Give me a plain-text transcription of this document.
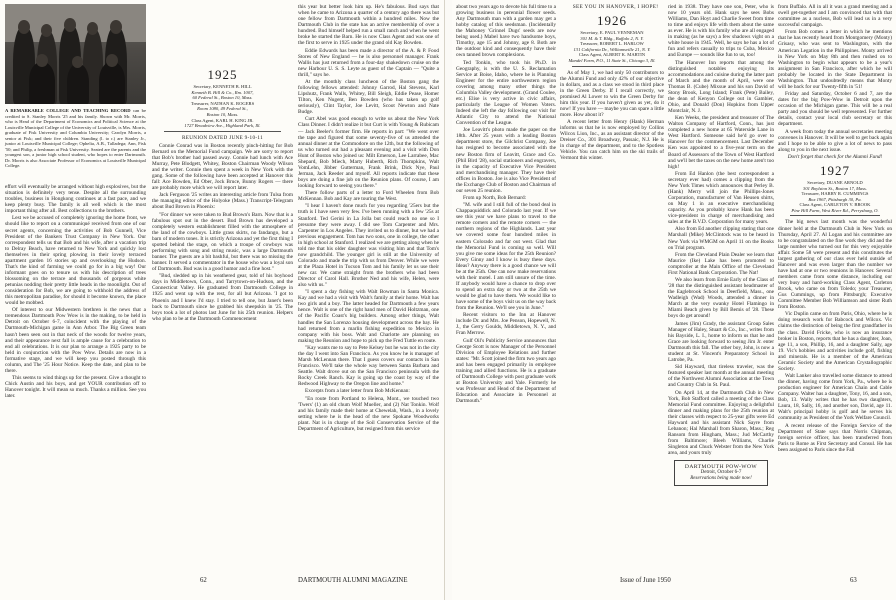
A REMARKABLE COLLEGE AND TEACHING RECORD can be credited to S. Stanley Morris '25 and his family. Shown with Mr. Morris, who is Head of the Department of Economics and Political Science at the Louisville Municipal College of the University of Louisville, is Mrs. Morris, graduate of Fisk University and Columbia University; Carolyn Morris, a senior at Fisk; and their five children. Standing (l. to r.) are Stanley Jr., junior at Louisville Municipal College; Ophelia, A.B., Talladega; Ann, Fisk '50; and Philip, a freshman at Fisk University. Seated are the parents and the youngest son, a junior high school student, who hopes to enter Dartmouth. Dr. Morris is also Associate Professor of Economics at Louisville Municipal College.

effort will eventually be arranged without high explosives, but the situation is definitely very tense. Despite all the surrounding troubles, business in Hongkong continues at a fast pace, and we keep plenty busy. The family is all well which is the most important thing after all. Best collections to the brothers.

Lest we be accused of completely ignoring the home front, we should like to report on a communiqué received from one of our secret agents, concerning the activities of Bob Gunnell, Vice President of the Bankers Trust Company in New York. Our correspondent tells us that Bob and his wife, after a vacation trip to Delray Beach, have returned to New York and quickly lost themselves in their spring plowing in their lovely terraced apartment garden 16 stories up and overlooking the Hudson. That's the kind of farming we could go for in a big way! Our informant goes on to tenure us with his description of trees blossoming on the terrace and thousands of gorgeous white petunias nodding their pretty little heads in the moonlight. Out of consideration for Bob, we are going to withhold the address of this metropolitan paradise, for should it become known, the place would be mobbed.

Of interest to our Midwestern brethren is the news that a tremendous Dartmouth Pow Wow is in the making, to be held in Detroit on October 6-7, coincident with the playing of the Dartmouth-Michigan game in Ann Arbor. The Big Green team hasn't been seen out in that neck of the woods for twelve years, and their appearance next fall is ample cause for a celebration to end all celebrations. It is our plan to arrange a 1925 party to be held in conjunction with the Pow Wow. Details are now in a formative stage, and we will keep you posted through this column, and The '25 Hour Notice. Keep the date, and plan to be there.

This seems to wind things up for the present. Give a thought to Chick Austin and his boys, and get YOUR contribution off to Hanover tonight. It will mean so much. Thanks a million. See you later.

1925
Secretary, KENNETH B. HILL
Kenneth B. Hill & Co., Rm. 1007,
60 Federal St., Boston 10, Mass.
Treasurer, NATHAN K. ROGERS
Room 1080, 49 Federal St.,
Boston 10, Mass.
Class Agent, KARL H. KING JR.
1727 Broadview Ave., Highland Park, Ill.
REUNION DATED JUNE 9-10-11

Connie Conrad was in Boston recently pinch-hitting for Bob Bernard on the Memorial Fund campaign. We are sorry to report that Bob's brother had passed away. Connie had lunch with Ace Murray, Pete Blodgett, Whitey, Boston Chairman Woody Wilson and the writer. Connie then spent a week in New York with the gang. Some of the following have been accepted at Hanover this fall: Ace Bowden, Ed Ober, Jock Bruce, Bunny Rogers — there are probably more which we will report later.

Jack Ferguson '25 writes an interesting article from Tulsa from the managing editor of the Holyoke (Mass.) Transcript-Telegram about Bud Brown in Phoenix:

"For dinner we were taken to Bud Brown's Barn. Now that is a fabulous spot out in the desert. Bud Brown has developed a completely western establishment filled with the atmosphere of the land of the cowboys. Little grass skirts, no fandango, but a barn of modern tones. It is strictly Arizona and yet the first thing I spotted behind the stage, on which a troupe of cowboys was performing with song and string music, was a large Dartmouth banner. The guests are a bit bashful, but there was no missing the banner. It served a commentator in the house who was a loyal son of Dartmouth. Bud was in a good humor and a fine host."

"Bud, sledded up in his weathered gear, told of his boyhood days in Middletown, Conn., and Tarrytown-on-Hudson, and the Connecticut Valley. He graduated from Dartmouth College in 1925 and went up with the rest, for all but Arizona. 'I got to Phoenix and I knew I'd stay. I tried to tell one, but Janet's been back to Dartmouth since he grabbed his sheepskin in '25. The boys took a lot of photos last June for his 25th reunion. Helpers who plan to be at the Dartmouth Commencement

this year but better look him up. He's fabulous. Bud says that when he came to Arizona a quarter of a century ago there was but one fellow from Dartmouth within a hundred miles. Now the Dartmouth Club in the state has an active membership of over a hundred. Bud himself helped run a small ranch and when he went broke he started the Barn. He is now Class Agent and was one of the first to serve in 1925 under the grand old Kay Bowden.

Eddie Edwards has been made a director of the A. & P. Food Stores of New England — he is also personnel manager. Frank Wallis has just returned from a four-day shakedown cruise on the new Harbour U. S. S. Leyte as guest of the Captain — "Quite a thrill," says he.

At the monthly class luncheon of the Boston gang the following fellows attended: Johnny Garrod, Hal Stevens, Karl Lipshutz, Frank Walls, Whitey, Bill Sleigh, Eddie Pease, Homer Tilton, Ken Nugent, Ben Bowden (who has taken up golf seriously), Clint Taylor, Joe Levitt, Scoot Newton and Nate Budge.

Curt Abel was good enough to write us about the New York Class Dinner. I didn't realize it but Curt is with Young & Rubicam — Jack Beeler's former firm. He reports in part: "We went over the tape and figured that some seventy-five of us attended the annual dinner at the Commodore on the 12th, but the following of us who turned out had a pleasant evening and a visit with Don Hunt of Boston who joined us: Milt Emerson, Lee Larrabee, Mac Shepard, Bob Miech, Marty Huberth, Rich Thompkins, Walt VomLehn, Jibber Gutterman, Frank Brink, Dick Nye, Paul Jerman, Jack Reeder and myself. All reports indicate that these boys are doing a fine job on the Reunion plans. Of course, I am looking forward to seeing you there."

There follow parts of a letter to Ford Wheelen from Bob McKennan. Bob and Kay are touring the West.

"I hear I haven't done much for you regarding '25ers but the truth is I have seen very few. I've been running with a few '25s at Stanford. Ted Gerini in La Jolla but could reach no one so I presume they were away. I did see Tom Carpenter and Mrs. Carpenter in Los Angeles. They invited us to dinner, but we had a previous engagement. Tom has two sons, one in college, the other in high school at Stanford. I realized we are getting along when he told me that his older daughter was visiting him and that Tom's now grandchild. The younger girl is still at the University of Colorado and made the trip with us from Denver. While we were at the Plaza Hotel in Tucson Tom and his family let us use their new car. We came straight from the brothers who had been Director of Carol Hall. Brother Ned and his wife, Helen, were also with us."

"I spent a day fishing with Walt Bowman in Santa Monica. Kay and we had a visit with Walt's family at their home. Walt has two girls and a boy. The latter headed for Dartmouth a few years hence. Walt is one of the right hand men of David Holtzman, one of the Pacific Coast's big builders. Among other things, Walt handles the San Lorenzo housing development across the bay. He had returned from a marlin fishing expedition to Mexico in company with his boss. Walt and Charlotte are planning on making the Reunion and hope to pick up the Fred Tuttle en route.

"Kay wants me to say to Pete Kelsey but he was not in the city the day I went into San Francisco. As you know he is manager of Marsh McLennan there. That I guess covers our contacts in San Francisco. We'll take the whole way between Santa Barbara and Seattle. Walt drove out on the San Francisco peninsula with the Rocky Creek Ranch. Kay is going up the coast by way of the Redwood Highway to the Oregon line and home."

Excerpts from a later letter from Bob McKennan:

"En route from Portland to Helena, Mont., we touched two 'Twers' (1) an old chum Wolf Mueller, and (2) Nat Tonkin. Wolf and his family made their home at Chewelah, Wash., in a lovely setting where he is the head of the new Spokane Woodworks plant. Nat is in charge of the Soil Conservation Service of the Department of Agriculture, but resigned from this service

62	DARTMOUTH ALUMNI MAGAZINE

about two years ago to devote his full time to a growing business in perennial flower seeds. Any Dartmouth man with a garden may get a hobby catalog of this seedsman. (Incidentally the Mahoney 'Grinnel Dugs' seeds are now being used.) Mabel have two handsome boys, Timothy, age 15 and Johnny, age 8. Both are the outdoor kind and consequently have their own tanned brown complexions.

Ted Tonkin, who took his Ph.D. in Geography, is with the U. S. Reclamation Service at Boise, Idaho, where he is Planning Engineer for the entire northwestern region covering among many other things the Columbia Valley development. (Grand Coulee, etc.) Elise is very active in civic affairs, particularly the League of Women Voters. Indeed she left the day following our visit for Atlantic City to attend the National Convention of the League.

Joe Leavitt's photo made the paper on the 18th. After 25 years with a leading Boston department store, the Gilchrist Company, Joe has resigned to become associated with the new Boston firm of Leavitt, Grace and Co. (Phil Bird '28), social stationers and engravers, in the capacity of Executive Vice President and merchandising manager. They have their offices in Boston. Joe is also Vice President of the Exchange Club of Boston and Chairman of our seven 25 reunion.

From up North, Bob Bernard:

"M. wife and I still full of the bond deal in Chappaquiddick and Colorado last year. If we see this year we have plans to travel to the remote corners and the remote corners — the northern regions of the Highlands. Last year we covered some four hundred miles in eastern Colorado and far out west. Glad that the Memorial Fund is coming so well. Will you give me some ideas for the 25th Reunion? Every Ginny and I know is busy these days. Ideas? Anyway there is a good chance we will be at the 25th. One can now make reservations with their motel. I am still unsure of the time. If anybody would have a chance to drop over to spend an extra day or two at the 25th we would be glad to have them. We would like to have some of the boys visit us on the way back from the Reunion. We'll see you in June."

Recent visitors to the Inn at Hanover include Dr. and Mrs. Joe Penson, Hopewell, N. J., the Gerry Goulds, Middletown, N. Y., and Fran Merrow.

Gulf Oil's Publicity Service announces that George Scott is now Manager of the Personnel Division of Employee Relations and further states: "Mr. Scott joined the firm two years ago and has been engaged primarily in employee training and allied functions. He is a graduate of Dartmouth College with post graduate work at Boston University and Yale. Formerly he was Professor and Head of the Department of Education and Associate in Personnel at Dartmouth."

SEE YOU IN HANOVER, I HOPE!

1926
Secretary, E. PAUL VENNEMAN
301 M. & T. Bldg., Buffalo 2, N. Y.
Treasurer, ROBERT L. HARLOW
131 California Dr., Williamsville 21, N. Y.
Class Agent, ALBERT K. MARTIN
Mandel Farm, P.O., 11 State St., Chicago 3, Ill.

As of May 1, we had only 50 contributors to the Alumni Fund and only 42% of our objective in dollars, and as a class we stood in third place in the Green Derby. If I recall correctly, we promised Al Lower to win the Green Derby for him this year. If you haven't given as yet, do it now! If you have — maybe you can spare a little more. How about it?

A recent letter from Henry (Hank) Herman informs us that he is now employed by Collins Wilcox Lion, Inc., as an assistant director of the Dreiser Co., 301 Broadway, Passaic, N.J. He is in charge of the department, and to the Spotless Vehicle. You can catch him on the ski trails of Vermont this winter.

ried in 1938. They have one son, Peter, who is now 10 years old. Hank says he sees Bobs Williams, Dan Hoyt and Charlie Sweet from time to time and enjoys life with them about the same as ever. He is with his family who are all engaged in making (as he says) a few shadows vight on a white house in 1945. Well, he says he has a lot of fun and refers casually to trips to Cuba, Mexico and Europe — sounds like fun to us, too!

The Hanover Inn reports that among the distinguished notables enjoying its accommodations and cuisine during the latter part of March and the month of April, were one Thomas B. (Cube) Mixsue and his son David of Stony Brook, Long Island; Frank (Pete) Bailey, the dean of Kenyon College out in Gambier, Ohio, and Donald (Don) Hopkins from Upper Montclair, N. J.

Ken Weeks, the president and treasurer of The Walton Company of Hartford, Conn., has just completed a new home at 65 Waterside Lane in West Hartford. Someone said he'd go over to Hanover for the commencement. Last December Ken was appointed to a five-year term on the Board of Assessors of the Town of West Hartford and we'll bet the taxes on the new home aren't too high!

From Ed Hanlon (the best correspondent a secretary ever had) comes a clipping from the New York Times which announces that Perley B. (Hank) Merry will join the Phillips-Jones Corporation, manufacturer of Van Heusen shirts, on May 1 in an executive merchandising capacity. As you probably know Hank has been vice-president in charge of merchandising and sales at the B.V.D. Corporation for many years.

Also from Ed another clipping stating that one Marshall (Mike) McClintock was to be heard in New York via WMGM on April 11 on the Books on Trial program.

From the Cleveland Plain Dealer we learn that Maurice (Ike) Lake has been promoted to comptroller at the Main Office of the Cleveland First National Bank Corporation. The Nat!

We also learn from Ernie Early of the Class of '28 that the distinguished assistant headmaster of the Eaglebrook School in Deerfield, Mass., one Wadleigh (Wad) Woods, attended a dinner in March at the very swanky Hotel Flamingo in Miami Beach given by Bill Bemis of '28. These boys do get around!

James (Jim) Grady, the assistant Group Sales Manager of Haley, Stuart & Co., Inc., writes from his Bayside, L. I., home to inform us that he and Grace are looking forward to seeing Jim Jr. enter Dartmouth this fall. The other boy, John, is now a student at St. Vincent's Preparatory School in Latrobe, Pa.

Sid Hayward, that tireless traveler, was the featured speaker last month at the annual meeting of the Northwest Alumni Association at the Town and Country Club in St. Paul.

On April 14, at the Dartmouth Club in New York, Bob Stafford called a meeting of the Class Memorial Fund committee. Enjoying a delightful dinner and making plans for the 25th reunion at their classes with respect to 25-year gifts were Ed Hayward and his assistant Nick Sayre from Lebanon; Hal Marshall from Sharon, Mass.; Reg Ransom from Hingham, Mass.; Jud McCarthy from Baltimore; Bleeh Williams, Charlie Singleton and Chuck Webster from the New York area, and yours truly

DARTMOUTH POW-WOW
Detroit, October 6-7
Reservations being made now!

from Buffalo. All in all it was a grand meeting and a swell get-together and I am convinced that with that committee as a nucleus, Bob will lead us in a very successful campaign.

From Bob comes a letter in which he mentions that he has recently heard from Montgomery (Monty) Grisasy, who was sent to Washington, with the American Legation in the Philippines. Monty arrived in New York on May 8th and then rushed on to Washington to begin what appears to be a year's assignment in San Francisco, after which he will probably be located in the State Department in Washington. That undoubtedly means that Monty will be back for our Twenty-fifth in '51!

Friday and Saturday, October 6 and 7, are the dates for the big Pow-Wow in Detroit upon the occasion of the Michigan game. This will be a real party and you should be well represented. For further details, contact your local club secretary or this department.

A week from today the annual secretaries meeting convenes in Hanover. It will be well to get back again and I hope to be able to give a lot of news to pass along to you in the next issue.

Don't forget that check for the Alumni Fund!

1927
Secretary, DUANE ARNOLD
301 Boylston St., Boston 17, Mass.
Treasurer, HARRY R. CUMMINGS
Box 1967, Pittsburgh 30, Pa.
Class Agent, CARLETON V. BROOK
Pine Hill Farm, West River Rd., Perrysburg, O.

The big news last month was the wonderful dinner held at the Dartmouth Club in New York on Thursday, April 27. Al Logan and his committee are to be congratulated on the fine work they did and the large number who turned out for this very enjoyable affair. Some 58 were present and this constitutes the largest gathering of our class ever held outside of Hanover and was even larger than the number we have had at one or two reunions in Hanover. Several members came from some distance, including our very busy and hard-working Class Agent, Carleton Brook, who came on from Toledo; your Treasurer, Gus Cummings, up from Pittsburgh; Executive Committee Member Bob Williamson and sister Ruth from Boston.

Vic Duplin came on from Paris, Ohio, where he is doing research work for Babcock and Wilcox. Vic claims the distinction of being the first grandfather in the class. David Fricke, who is now an insurance broker in Boston, reports that he has a daughter, Joan, age 11, a son, Phillip, 16, and a daughter Sally, age 19. Vic's hobbies and activities include golf, fishing and minerals. He is a member of the American Ceramic Society and the American Crystallographic Society.

Walt Lanker also travelled some distance to attend the dinner, having come from York, Pa., where he is production engineer for American Chain and Cable Company. Walter has a daughter, Tony, 16, and a son, Bob, 13. Wally writes that he has two daughters, Laura, 18, Sally, 16, and another son, David, age 11. Walt's principal hobby is golf and he serves his community as President of the York Welfare Council.

A recent release of the Foreign Service of the Department of State says that Norris Chipman, foreign service officer, has been transferred from Paris to Rome as First Secretary and Consul. He has been assigned to Paris since the Fall

Issue of June 1950	63
